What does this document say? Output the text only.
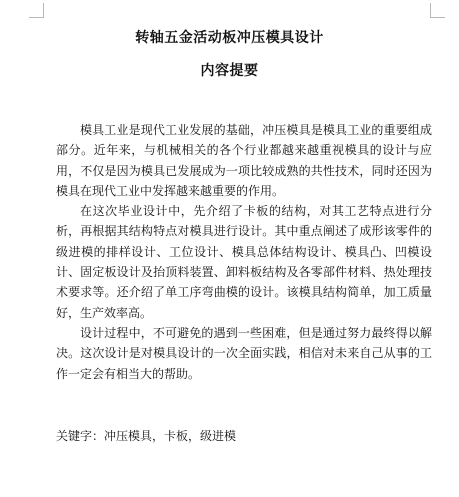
转轴五金活动板冲压模具设计
内容提要

模具工业是现代工业发展的基础，冲压模具是模具工业的重要组成部分。近年来，与机械相关的各个行业都越来越重视模具的设计与应用，不仅是因为模具已发展成为一项比较成熟的共性技术，同时还因为模具在现代工业中发挥越来越重要的作用。

在这次毕业设计中，先介绍了卡板的结构，对其工艺特点进行分析，再根据其结构特点对模具进行设计。其中重点阐述了成形该零件的级进模的排样设计、工位设计、模具总体结构设计、模具凸、凹模设计、固定板设计及抬顶料装置、卸料板结构及各零部件材料、热处理技术要求等。还介绍了单工序弯曲模的设计。该模具结构简单，加工质量好，生产效率高。

设计过程中，不可避免的遇到一些困难，但是通过努力最终得以解决。这次设计是对模具设计的一次全面实践，相信对未来自己从事的工作一定会有相当大的帮助。

关键字：冲压模具，卡板，级进模
